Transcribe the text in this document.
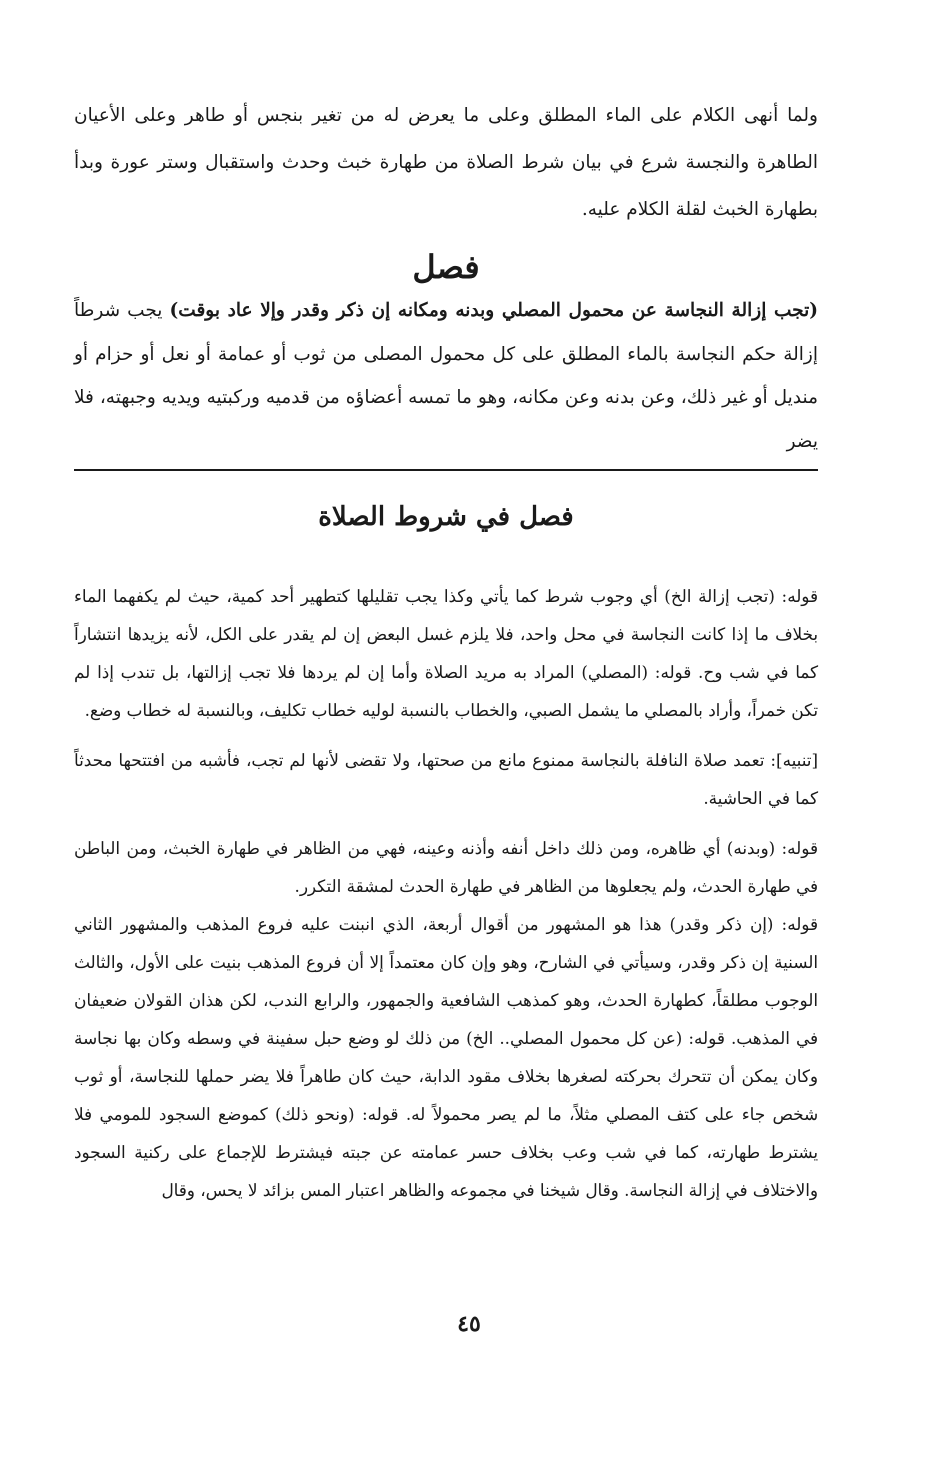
ولما أنهى الكلام على الماء المطلق وعلى ما يعرض له من تغير بنجس أو طاهر وعلى الأعيان الطاهرة والنجسة شرع في بيان شرط الصلاة من طهارة خبث وحدث واستقبال وستر عورة وبدأ بطهارة الخبث لقلة الكلام عليه.

فصل

(تجب إزالة النجاسة عن محمول المصلي وبدنه ومكانه إن ذكر وقدر وإلا عاد بوقت) يجب شرطاً إزالة حكم النجاسة بالماء المطلق على كل محمول المصلى من ثوب أو عمامة أو نعل أو حزام أو منديل أو غير ذلك، وعن بدنه وعن مكانه، وهو ما تمسه أعضاؤه من قدميه وركبتيه ويديه وجبهته، فلا يضر

فصل في شروط الصلاة

قوله: (تجب إزالة الخ) أي وجوب شرط كما يأتي وكذا يجب تقليلها كتطهير أحد كمية، حيث لم يكفهما الماء بخلاف ما إذا كانت النجاسة في محل واحد، فلا يلزم غسل البعض إن لم يقدر على الكل، لأنه يزيدها انتشاراً كما في شب وح. قوله: (المصلي) المراد به مريد الصلاة وأما إن لم يردها فلا تجب إزالتها، بل تندب إذا لم تكن خمراً، وأراد بالمصلي ما يشمل الصبي، والخطاب بالنسبة لوليه خطاب تكليف، وبالنسبة له خطاب وضع.

[تنبيه]: تعمد صلاة النافلة بالنجاسة ممنوع مانع من صحتها، ولا تقضى لأنها لم تجب، فأشبه من افتتحها محدثاً كما في الحاشية.

قوله: (وبدنه) أي ظاهره، ومن ذلك داخل أنفه وأذنه وعينه، فهي من الظاهر في طهارة الخبث، ومن الباطن في طهارة الحدث، ولم يجعلوها من الظاهر في طهارة الحدث لمشقة التكرر.

قوله: (إن ذكر وقدر) هذا هو المشهور من أقوال أربعة، الذي انبنت عليه فروع المذهب والمشهور الثاني السنية إن ذكر وقدر، وسيأتي في الشارح، وهو وإن كان معتمداً إلا أن فروع المذهب بنيت على الأول، والثالث الوجوب مطلقاً، كطهارة الحدث، وهو كمذهب الشافعية والجمهور، والرابع الندب، لكن هذان القولان ضعيفان في المذهب. قوله: (عن كل محمول المصلي.. الخ) من ذلك لو وضع حبل سفينة في وسطه وكان بها نجاسة وكان يمكن أن تتحرك بحركته لصغرها بخلاف مقود الدابة، حيث كان طاهراً فلا يضر حملها للنجاسة، أو ثوب شخص جاء على كتف المصلي مثلاً، ما لم يصر محمولاً له. قوله: (ونحو ذلك) كموضع السجود للمومي فلا يشترط طهارته، كما في شب وعب بخلاف حسر عمامته عن جبته فيشترط للإجماع على ركنية السجود والاختلاف في إزالة النجاسة. وقال شيخنا في مجموعه والظاهر اعتبار المس بزائد لا يحس، وقال

٤٥
